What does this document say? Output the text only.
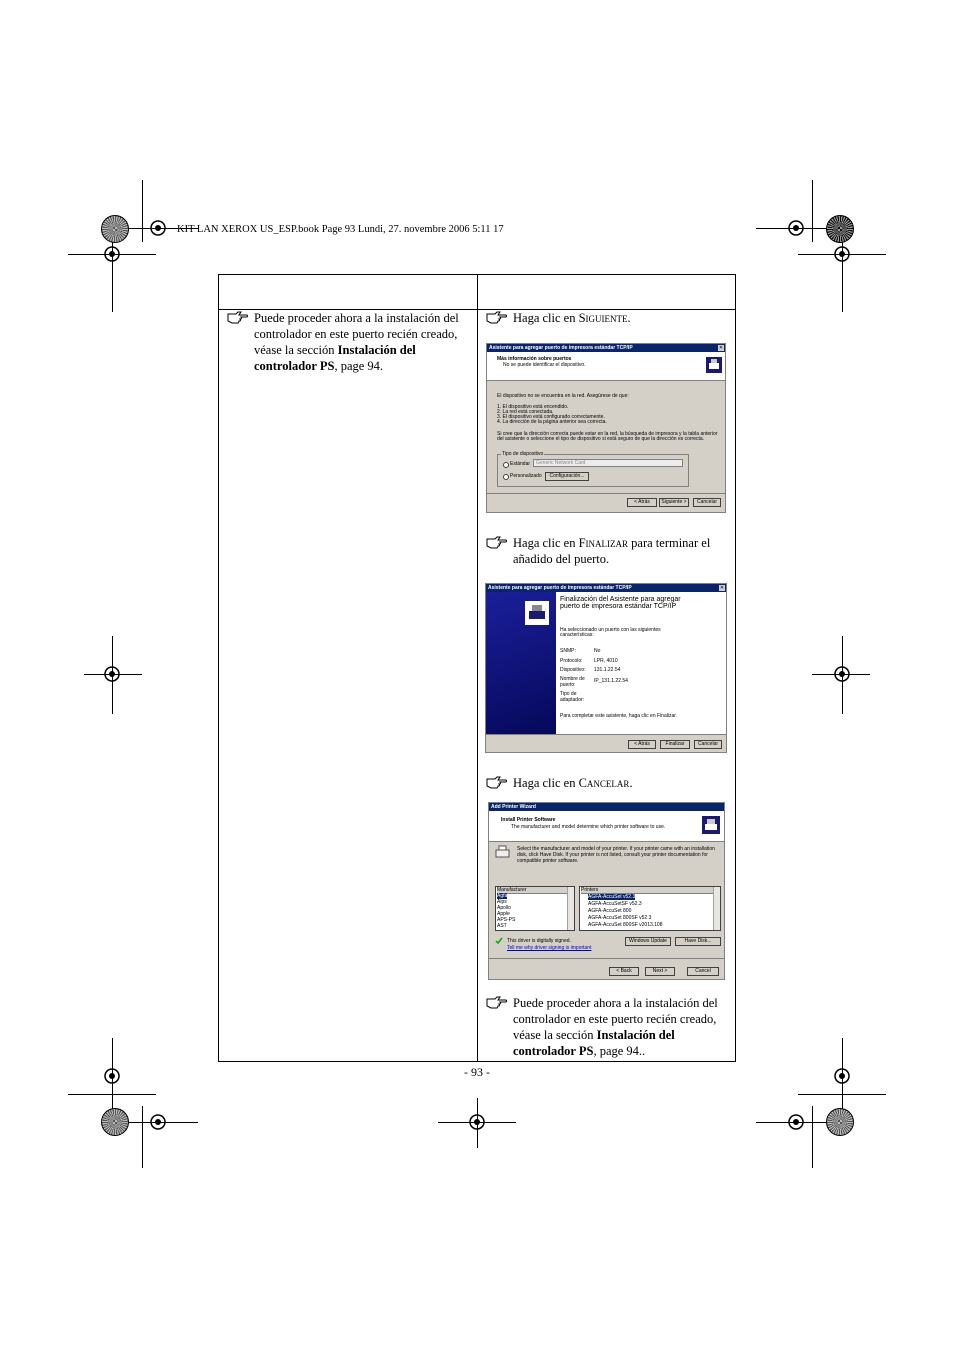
KIT LAN XEROX US_ESP.book Page 93 Lundi, 27. novembre 2006 5:11 17
- 93 -
Puede proceder ahora a la instalación del
controlador en este puerto recién creado,
véase la sección Instalación del
controlador PS, page 94.
Haga clic en Siguiente.
Asistente para agregar puerto de impresora estándar TCP/IP	✕
Más información sobre puertos
No se puede identificar el dispositivo.
El dispositivo no se encuentra en la red. Asegúrese de que:
1. El dispositivo está encendido.
2. La red está conectada.
3. El dispositivo está configurado correctamente.
4. La dirección de la página anterior sea correcta.
Si cree que la dirección correcta puede estar en la red, la búsqueda de impresora y la tabla anterior
del asistente o seleccione el tipo de dispositivo si está seguro de que la dirección es correcta.
Tipo de dispositivo
Estándar	Generic Network Card
Personalizado	Configuración...
< Atrás	Siguiente >	Cancelar
Haga clic en Finalizar para terminar el
añadido del puerto.
Asistente para agregar puerto de impresora estándar TCP/IP	✕
Finalización del Asistente para agregar
puerto de impresora estándar TCP/IP
Ha seleccionado un puerto con las siguientes
características:
SNMP:	No
Protocolo: LPR, 4010
Dispositivo: 131.1.22.54
Nombre de puerto:
IP_131.1.22.54
Tipo de adaptador:
Para completar este asistente, haga clic en Finalizar.
< Atrás	Finalizar	Cancelar
Haga clic en Cancelar.
Add Printer Wizard
Install Printer Software
The manufacturer and model determine which printer software to use.
Select the manufacturer and model of your printer. If your printer came with an installation
disk, click Have Disk. If your printer is not listed, consult your printer documentation for
compatible printer software.
Manufacturer
Agfa
Alps
Apollo
Apple
APS-PS
AST
Printers
AGFA-AccuSet v52.3
AGFA-AccuSetSF v52.3
AGFA-AccuSet 800
AGFA-AccuSet 800SF v52.3
AGFA-AccuSet 800SF v2013.108
This driver is digitally signed.
Tell me why driver signing is important
Windows Update	Have Disk...
< Back	Next >	Cancel
Puede proceder ahora a la instalación del
controlador en este puerto recién creado,
véase la sección Instalación del
controlador PS, page 94..
